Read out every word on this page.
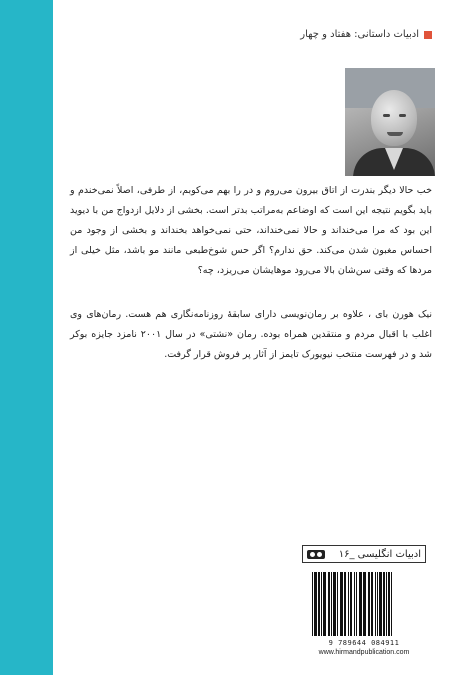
ادبیات داستانی: هفتاد و چهار

خب حالا دیگر بندرت از اتاق بیرون می‌روم و در را بهم می‌کوبم، از طرفی، اصلاً نمی‌خندم و باید بگویم نتیجه این است که اوضاعم به‌مراتب بدتر است. بخشی از دلایل ازدواج من با دیوید این بود که مرا می‌خنداند و حالا نمی‌خنداند، حتی نمی‌خواهد بخنداند و بخشی از وجود من احساس مغبون شدن می‌کند. حق ندارم؟ اگر حس شوخ‌طبعی مانند مو باشد، مثل خیلی از مردها که وقتی سن‌شان بالا می‌رود موهایشان می‌ریزد، چه؟

نیک هورن بای ، علاوه بر رمان‌نویسی دارای سابقهٔ روزنامه‌نگاری هم هست. رمان‌های وی اغلب با اقبال مردم و منتقدین همراه بوده. رمان «نشتی» در سال ۲۰۰۱ نامزد جایزه بوکر شد و در فهرست منتخب نیویورک تایمز از آثار پر فروش قرار گرفت.

ادبیات انگلیسی _۱۶
9 789644 084911
www.hirmandpublication.com
